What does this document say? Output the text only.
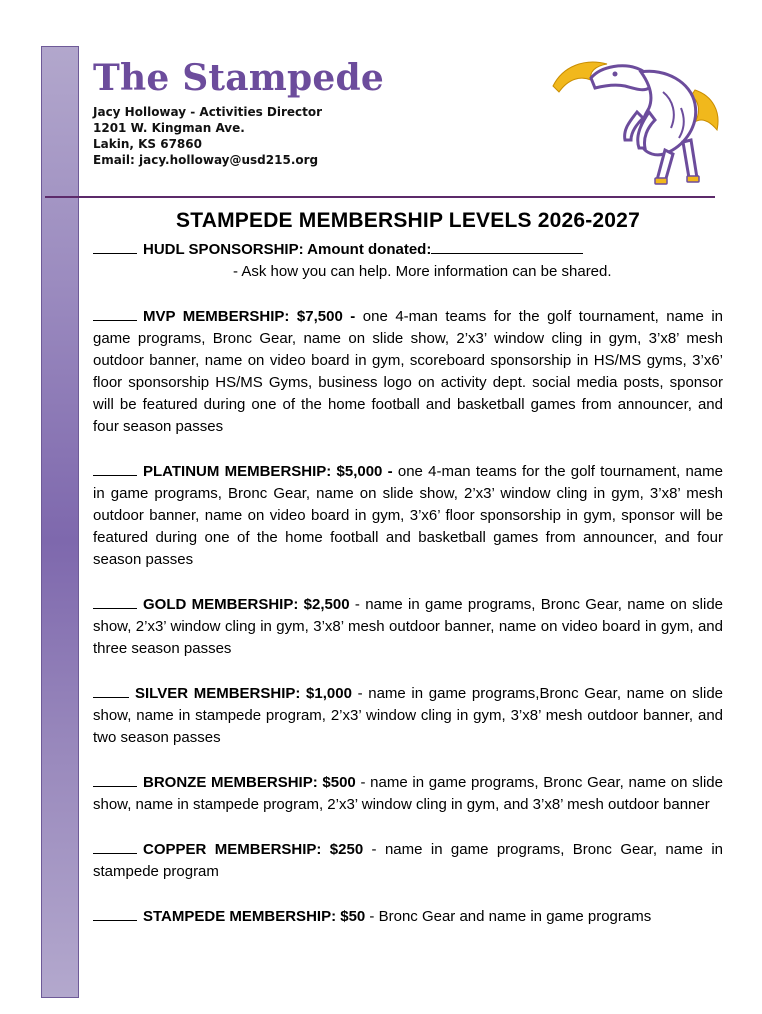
The Stampede
Jacy Holloway - Activities Director
1201 W. Kingman Ave.
Lakin, KS 67860
Email: jacy.holloway@usd215.org
STAMPEDE MEMBERSHIP LEVELS 2026-2027
HUDL SPONSORSHIP: Amount donated:
- Ask how you can help. More information can be shared.
MVP MEMBERSHIP: $7,500 - one 4-man teams for the golf tournament, name in game programs, Bronc Gear, name on slide show, 2’x3’ window cling in gym, 3’x8’ mesh outdoor banner, name on video board in gym, scoreboard sponsorship in HS/MS gyms, 3’x6’ floor sponsorship HS/MS Gyms, business logo on activity dept. social media posts, sponsor will be featured during one of the home football and basketball games from announcer, and four season passes
PLATINUM MEMBERSHIP: $5,000 - one 4-man teams for the golf tournament, name in game programs, Bronc Gear, name on slide show, 2’x3’ window cling in gym, 3’x8’ mesh outdoor banner, name on video board in gym, 3’x6’ floor sponsorship in gym, sponsor will be featured during one of the home football and basketball games from announcer, and four season passes
GOLD MEMBERSHIP: $2,500 - name in game programs, Bronc Gear, name on slide show, 2’x3’ window cling in gym, 3’x8’ mesh outdoor banner, name on video board in gym, and three season passes
SILVER MEMBERSHIP: $1,000 - name in game programs,Bronc Gear, name on slide show, name in stampede program, 2’x3’ window cling in gym, 3’x8’ mesh outdoor banner, and two season passes
BRONZE MEMBERSHIP: $500 - name in game programs, Bronc Gear, name on slide show, name in stampede program, 2’x3’ window cling in gym, and 3’x8’ mesh outdoor banner
COPPER MEMBERSHIP: $250 - name in game programs, Bronc Gear, name in stampede program
STAMPEDE MEMBERSHIP: $50 - Bronc Gear and name in game programs
